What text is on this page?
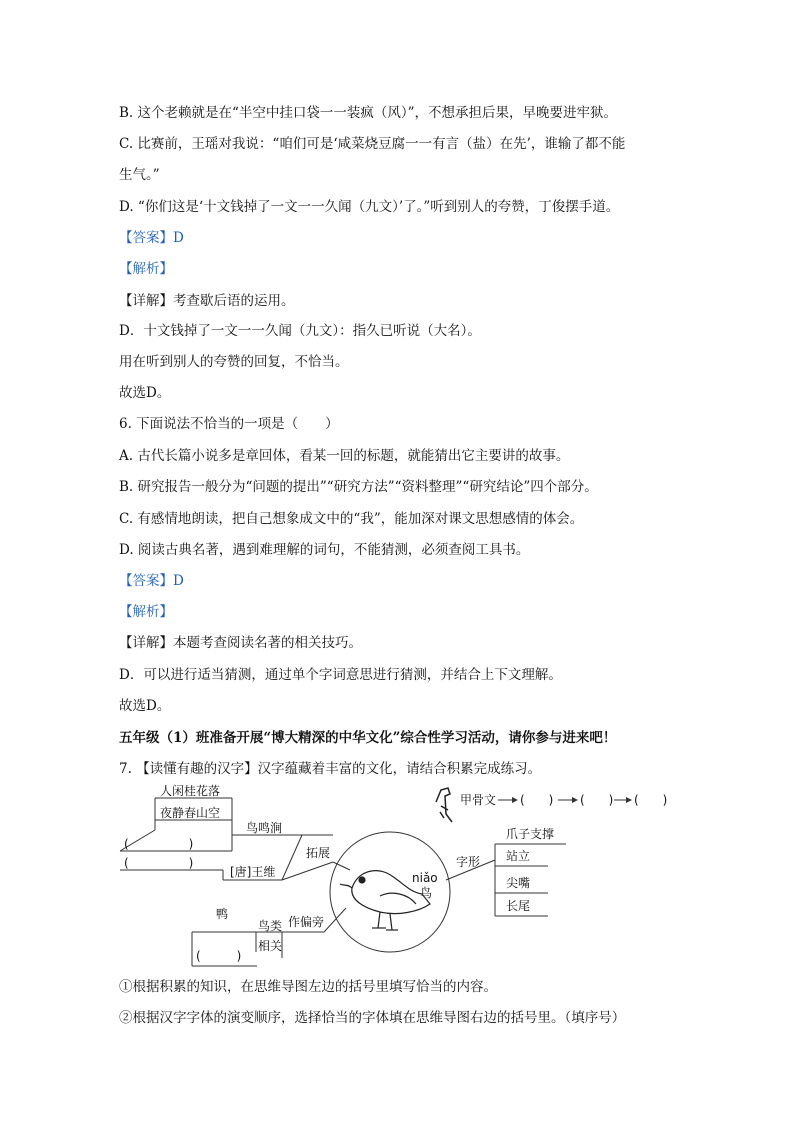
B. 这个老赖就是在“半空中挂口袋一一装疯（风）”，不想承担后果，早晚要进牢狱。
C. 比赛前，王瑶对我说：“咱们可是‘咸菜烧豆腐一一有言（盐）在先’，谁输了都不能
生气。”
D. “你们这是‘十文钱掉了一文一一久闻（九文）’了。”听到别人的夸赞，丁俊摆手道。
【答案】D
【解析】
【详解】考查歇后语的运用。
D．十文钱掉了一文一一久闻（九文）：指久已听说（大名）。
用在听到别人的夸赞的回复，不恰当。
故选D。
6. 下面说法不恰当的一项是（　　）
A. 古代长篇小说多是章回体，看某一回的标题，就能猜出它主要讲的故事。
B. 研究报告一般分为“问题的提出”“研究方法”“资料整理”“研究结论”四个部分。
C. 有感情地朗读，把自己想象成文中的“我”，能加深对课文思想感情的体会。
D. 阅读古典名著，遇到难理解的词句，不能猜测，必须查阅工具书。
【答案】D
【解析】
【详解】本题考查阅读名著的相关技巧。
D．可以进行适当猜测，通过单个字词意思进行猜测，并结合上下文理解。
故选D。
五年级（1）班准备开展“博大精深的中华文化”综合性学习活动，请你参与进来吧！
7. 【读懂有趣的汉字】汉字蕴藏着丰富的文化，请结合积累完成练习。
人闲桂花落
夜静春山空
(　　　　　)
(　　　　　)
鸟鸣涧
[唐]王维
拓展
鸭
(　　　)
鸟类
相关
作偏旁
niǎo
鸟
甲骨文 (　　) (　　) (　　)
字形
爪子支撑
站立
尖嘴
长尾
①根据积累的知识，在思维导图左边的括号里填写恰当的内容。
②根据汉字字体的演变顺序，选择恰当的字体填在思维导图右边的括号里。（填序号）
